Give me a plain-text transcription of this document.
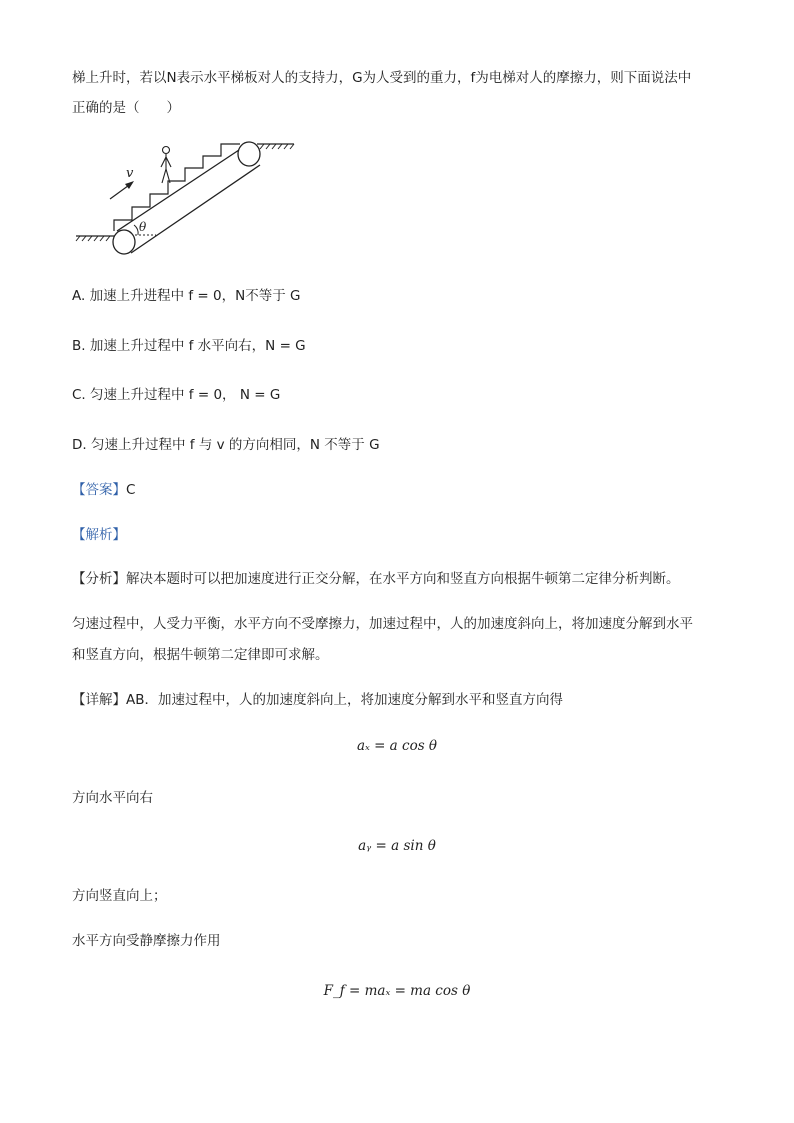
梯上升时，若以N表示水平梯板对人的支持力，G为人受到的重力，f为电梯对人的摩擦力，则下面说法中
正确的是（　　）
v
θ
A. 加速上升进程中 f = 0，N不等于 G
B. 加速上升过程中 f 水平向右，N = G
C. 匀速上升过程中 f = 0， N = G
D. 匀速上升过程中 f 与 v 的方向相同，N 不等于 G
【答案】C
【解析】
【分析】解决本题时可以把加速度进行正交分解，在水平方向和竖直方向根据牛顿第二定律分析判断。
匀速过程中，人受力平衡，水平方向不受摩擦力，加速过程中，人的加速度斜向上，将加速度分解到水平
和竖直方向，根据牛顿第二定律即可求解。
【详解】AB．加速过程中，人的加速度斜向上，将加速度分解到水平和竖直方向得
aₓ = a cos θ
方向水平向右
aᵧ = a sin θ
方向竖直向上；
水平方向受静摩擦力作用
F_f = maₓ = ma cos θ
